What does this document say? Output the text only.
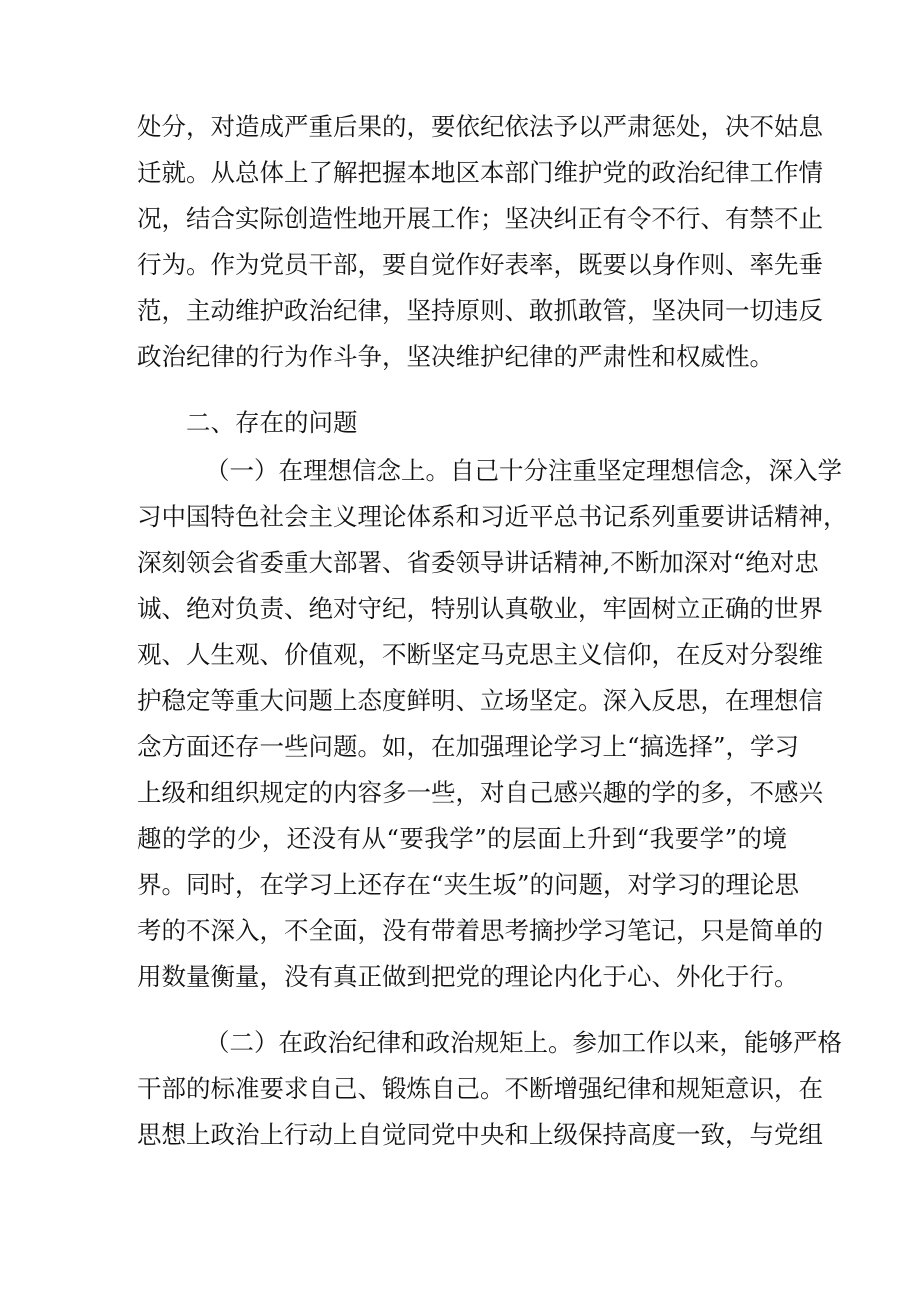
处分，对造成严重后果的，要依纪依法予以严肃惩处，决不姑息
迁就。从总体上了解把握本地区本部门维护党的政治纪律工作情
况，结合实际创造性地开展工作；坚决纠正有令不行、有禁不止
行为。作为党员干部，要自觉作好表率，既要以身作则、率先垂
范，主动维护政治纪律，坚持原则、敢抓敢管，坚决同一切违反
政治纪律的行为作斗争，坚决维护纪律的严肃性和权威性。
二、存在的问题
（一）在理想信念上。自己十分注重坚定理想信念，深入学
习中国特色社会主义理论体系和习近平总书记系列重要讲话精神，
深刻领会省委重大部署、省委领导讲话精神,不断加深对“绝对忠
诚、绝对负责、绝对守纪，特别认真敬业，牢固树立正确的世界
观、人生观、价值观，不断坚定马克思主义信仰，在反对分裂维
护稳定等重大问题上态度鲜明、立场坚定。深入反思，在理想信
念方面还存一些问题。如，在加强理论学习上“搞选择”，学习
上级和组织规定的内容多一些，对自己感兴趣的学的多，不感兴
趣的学的少，还没有从“要我学”的层面上升到“我要学”的境
界。同时，在学习上还存在“夹生坂”的问题，对学习的理论思
考的不深入，不全面，没有带着思考摘抄学习笔记，只是简单的
用数量衡量，没有真正做到把党的理论内化于心、外化于行。
（二）在政治纪律和政治规矩上。参加工作以来，能够严格
干部的标准要求自己、锻炼自己。不断增强纪律和规矩意识，在
思想上政治上行动上自觉同党中央和上级保持高度一致，与党组
